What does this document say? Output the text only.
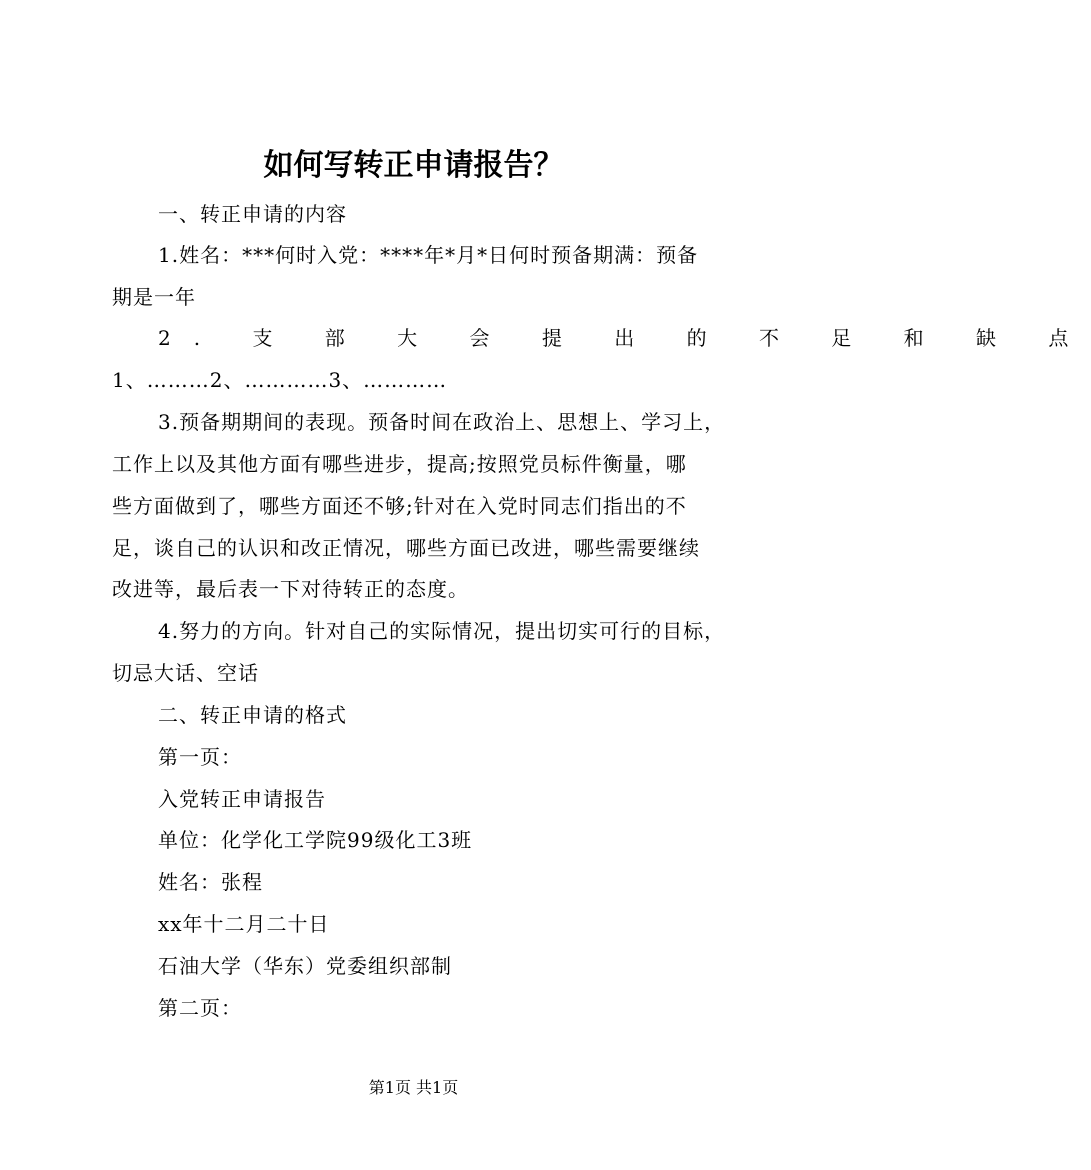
如何写转正申请报告？
一、转正申请的内容
1.姓名：***何时入党：****年*月*日何时预备期满：预备
期是一年
2. 支 部 大 会 提 出 的 不 足 和 缺 点
1、………2、…………3、…………
3.预备期期间的表现。预备时间在政治上、思想上、学习上，
工作上以及其他方面有哪些进步，提高;按照党员标件衡量，哪
些方面做到了，哪些方面还不够;针对在入党时同志们指出的不
足，谈自己的认识和改正情况，哪些方面已改进，哪些需要继续
改进等，最后表一下对待转正的态度。
4.努力的方向。针对自己的实际情况，提出切实可行的目标，
切忌大话、空话
二、转正申请的格式
第一页：
入党转正申请报告
单位：化学化工学院99级化工3班
姓名：张程
xx年十二月二十日
石油大学（华东）党委组织部制
第二页：
第1页 共1页
